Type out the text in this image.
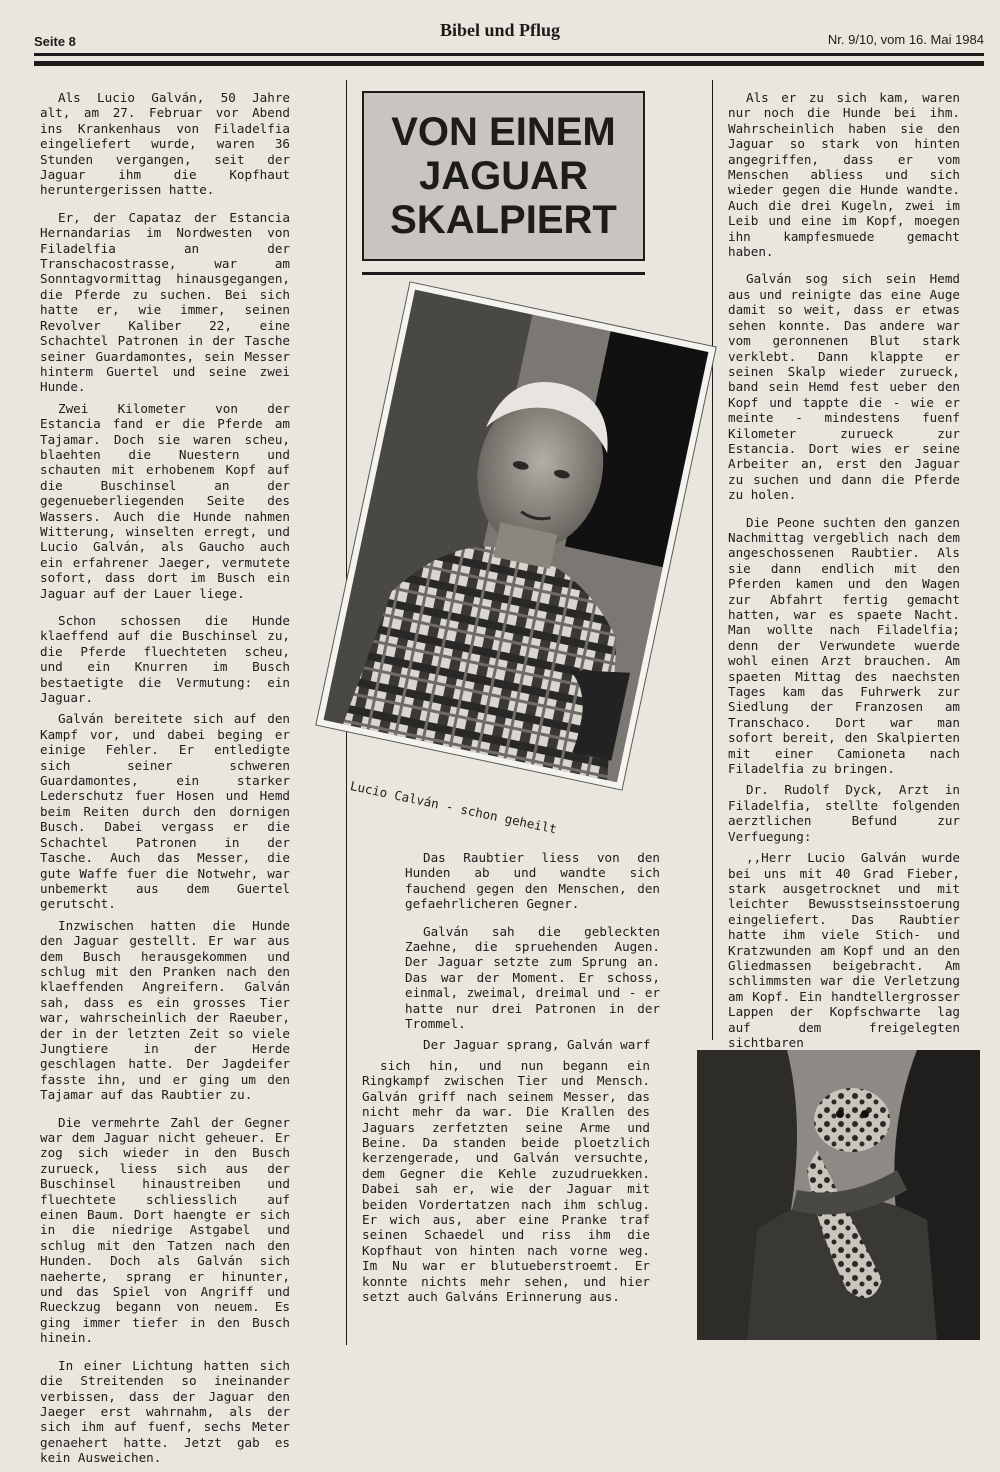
Seite 8
Bibel und Pflug	Nr. 9/10, vom 16. Mai 1984

Als Lucio Galván, 50 Jahre alt, am 27. Februar vor Abend ins Krankenhaus von Filadelfia eingeliefert wurde, waren 36 Stunden vergangen, seit der Jaguar ihm die Kopfhaut heruntergerissen hatte.

Er, der Capataz der Estancia Hernandarias im Nordwesten von Filadelfia an der Transchacostrasse, war am Sonntagvormittag hinausgegangen, die Pferde zu suchen. Bei sich hatte er, wie immer, seinen Revolver Kaliber 22, eine Schachtel Patronen in der Tasche seiner Guardamontes, sein Messer hinterm Guertel und seine zwei Hunde.

Zwei Kilometer von der Estancia fand er die Pferde am Tajamar. Doch sie waren scheu, blaehten die Nuestern und schauten mit erhobenem Kopf auf die Buschinsel an der gegenueberliegenden Seite des Wassers. Auch die Hunde nahmen Witterung, winselten erregt, und Lucio Galván, als Gaucho auch ein erfahrener Jaeger, vermutete sofort, dass dort im Busch ein Jaguar auf der Lauer liege.

Schon schossen die Hunde klaeffend auf die Buschinsel zu, die Pferde fluechteten scheu, und ein Knurren im Busch bestaetigte die Vermutung: ein Jaguar.

Galván bereitete sich auf den Kampf vor, und dabei beging er einige Fehler. Er entledigte sich seiner schweren Guardamontes, ein starker Lederschutz fuer Hosen und Hemd beim Reiten durch den dornigen Busch. Dabei vergass er die Schachtel Patronen in der Tasche. Auch das Messer, die gute Waffe fuer die Notwehr, war unbemerkt aus dem Guertel gerutscht.

Inzwischen hatten die Hunde den Jaguar gestellt. Er war aus dem Busch herausgekommen und schlug mit den Pranken nach den klaeffenden Angreifern. Galván sah, dass es ein grosses Tier war, wahrscheinlich der Raeuber, der in der letzten Zeit so viele Jungtiere in der Herde geschlagen hatte. Der Jagdeifer fasste ihn, und er ging um den Tajamar auf das Raubtier zu.

Die vermehrte Zahl der Gegner war dem Jaguar nicht geheuer. Er zog sich wieder in den Busch zurueck, liess sich aus der Buschinsel hinaustreiben und fluechtete schliesslich auf einen Baum. Dort haengte er sich in die niedrige Astgabel und schlug mit den Tatzen nach den Hunden. Doch als Galván sich naeherte, sprang er hinunter, und das Spiel von Angriff und Rueckzug begann von neuem. Es ging immer tiefer in den Busch hinein.

In einer Lichtung hatten sich die Streitenden so ineinander verbissen, dass der Jaguar den Jaeger erst wahrnahm, als der sich ihm auf fuenf, sechs Meter genaehert hatte. Jetzt gab es kein Ausweichen.

VON EINEM
JAGUAR
SKALPIERT
Lucio Calván - schon geheilt

Das Raubtier liess von den Hunden ab und wandte sich fauchend gegen den Menschen, den gefaehrlicheren Gegner.

Galván sah die gebleckten Zaehne, die spruehenden Augen. Der Jaguar setzte zum Sprung an. Das war der Moment. Er schoss, einmal, zweimal, dreimal und - er hatte nur drei Patronen in der Trommel.

Der Jaguar sprang, Galván warf

sich hin, und nun begann ein Ringkampf zwischen Tier und Mensch. Galván griff nach seinem Messer, das nicht mehr da war. Die Krallen des Jaguars zerfetzten seine Arme und Beine. Da standen beide ploetzlich kerzengerade, und Galván versuchte, dem Gegner die Kehle zuzudruekken. Dabei sah er, wie der Jaguar mit beiden Vordertatzen nach ihm schlug. Er wich aus, aber eine Pranke traf seinen Schaedel und riss ihm die Kopfhaut von hinten nach vorne weg. Im Nu war er blutueberstroemt. Er konnte nichts mehr sehen, und hier setzt auch Galváns Erinnerung aus.

Als er zu sich kam, waren nur noch die Hunde bei ihm. Wahrscheinlich haben sie den Jaguar so stark von hinten angegriffen, dass er vom Menschen abliess und sich wieder gegen die Hunde wandte. Auch die drei Kugeln, zwei im Leib und eine im Kopf, moegen ihn kampfesmuede gemacht haben.

Galván sog sich sein Hemd aus und reinigte das eine Auge damit so weit, dass er etwas sehen konnte. Das andere war vom geronnenen Blut stark verklebt. Dann klappte er seinen Skalp wieder zurueck, band sein Hemd fest ueber den Kopf und tappte die - wie er meinte - mindestens fuenf Kilometer zurueck zur Estancia. Dort wies er seine Arbeiter an, erst den Jaguar zu suchen und dann die Pferde zu holen.

Die Peone suchten den ganzen Nachmittag vergeblich nach dem angeschossenen Raubtier. Als sie dann endlich mit den Pferden kamen und den Wagen zur Abfahrt fertig gemacht hatten, war es spaete Nacht. Man wollte nach Filadelfia; denn der Verwundete wuerde wohl einen Arzt brauchen. Am spaeten Mittag des naechsten Tages kam das Fuhrwerk zur Siedlung der Franzosen am Transchaco. Dort war man sofort bereit, den Skalpierten mit einer Camioneta nach Filadelfia zu bringen.

Dr. Rudolf Dyck, Arzt in Filadelfia, stellte folgenden aerztlichen Befund zur Verfuegung:

,,Herr Lucio Galván wurde bei uns mit 40 Grad Fieber, stark ausgetrocknet und mit leichter Bewusstseinsstoerung eingeliefert. Das Raubtier hatte ihm viele Stich- und Kratzwunden am Kopf und an den Gliedmassen beigebracht. Am schlimmsten war die Verletzung am Kopf. Ein handtellergrosser Lappen der Kopfschwarte lag auf dem freigelegten sichtbaren
